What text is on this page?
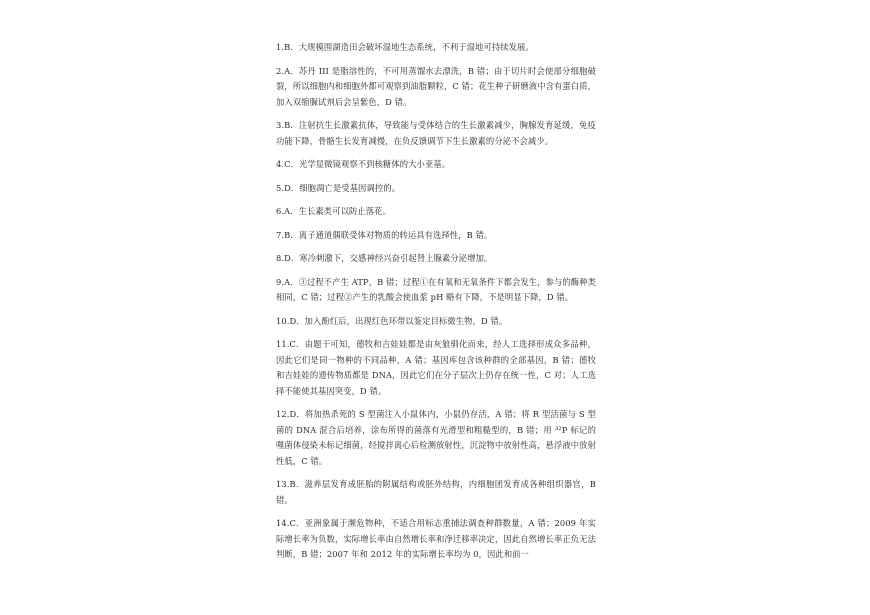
1.B．大规模围湖造田会破坏湿地生态系统，不利于湿地可持续发展。

2.A．苏丹 III 是脂溶性的，不可用蒸馏水去漂洗，B 错；由于切片时会使部分细胞破裂，所以细胞内和细胞外都可观察到油脂颗粒，C 错；花生种子研磨液中含有蛋白质，加入双缩脲试剂后会呈紫色，D 错。

3.B．注射抗生长激素抗体，导致能与受体结合的生长激素减少，胸腺发育延缓，免疫功能下降，骨骼生长发育减慢，在负反馈调节下生长激素的分泌不会减少。

4.C．光学显微镜观察不到核糖体的大小亚基。

5.D．细胞凋亡是受基因调控的。

6.A．生长素类可以防止落花。

7.B．离子通道偶联受体对物质的转运具有选择性，B 错。

8.D．寒冷刺激下，交感神经兴奋引起肾上腺素分泌增加。

9.A．③过程不产生 ATP，B 错；过程①在有氧和无氧条件下都会发生，参与的酶种类相同，C 错；过程②产生的乳酸会使血浆 pH 略有下降，不是明显下降，D 错。

10.D．加入酚红后，出现红色环带以鉴定目标微生物，D 错。

11.C．由题干可知，德牧和吉娃娃都是由灰狼驯化而来，经人工选择形成众多品种，因此它们是同一物种的不同品种，A 错；基因库包含该种群的全部基因，B 错；德牧和吉娃娃的遗传物质都是 DNA，因此它们在分子层次上仍存在统一性，C 对；人工选择不能使其基因突变，D 错。

12.D．将加热杀死的 S 型菌注入小鼠体内，小鼠仍存活，A 错；将 R 型活菌与 S 型菌的 DNA 混合后培养，涂布所得的菌落有光滑型和粗糙型的，B 错；用 ³²P 标记的噬菌体侵染未标记细菌，经搅拌离心后检测放射性，沉淀物中放射性高，悬浮液中放射性低，C 错。

13.B．滋养层发育成胚胎的附属结构或胚外结构，内细胞团发育成各种组织器官，B 错。

14.C．亚洲象属于濒危物种，不适合用标志重捕法调查种群数量，A 错；2009 年实际增长率为负数，实际增长率由自然增长率和净迁移率决定，因此自然增长率正负无法判断，B 错；2007 年和 2012 年的实际增长率均为 0，因此和前一
